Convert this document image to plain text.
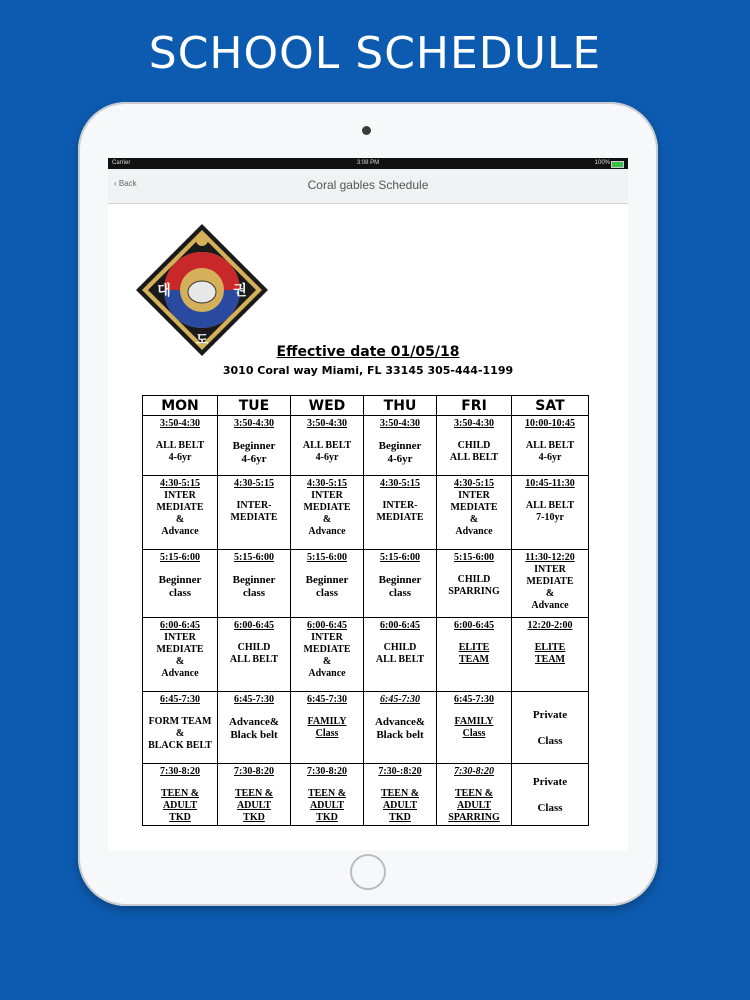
SCHOOL SCHEDULE
Carrier	3:08 PM	100%
‹ Back	Coral gables Schedule
대	권
도
Effective date 01/05/18
3010 Coral way Miami, FL 33145 305-444-1199
MON	TUE	WED	THU	FRI	SAT

3:50-4:30
ALL BELT
4-6yr	3:50-4:30
Beginner
4-6yr	3:50-4:30
ALL BELT
4-6yr	3:50-4:30
Beginner
4-6yr	3:50-4:30
CHILD
ALL BELT	10:00-10:45
ALL BELT
4-6yr

4:30-5:15
INTER
MEDIATE
&
Advance	4:30-5:15
INTER-
MEDIATE	4:30-5:15
INTER
MEDIATE
&
Advance	4:30-5:15
INTER-
MEDIATE	4:30-5:15
INTER
MEDIATE
&
Advance	10:45-11:30
ALL BELT
7-10yr

5:15-6:00
Beginner
class	5:15-6:00
Beginner
class	5:15-6:00
Beginner
class	5:15-6:00
Beginner
class	5:15-6:00
CHILD
SPARRING	11:30-12:20
INTER
MEDIATE
&
Advance

6:00-6:45
INTER
MEDIATE
&
Advance	6:00-6:45
CHILD
ALL BELT	6:00-6:45
INTER
MEDIATE
&
Advance	6:00-6:45
CHILD
ALL BELT	6:00-6:45
ELITE
TEAM	12:20-2:00
ELITE
TEAM

6:45-7:30
FORM TEAM
&
BLACK BELT	6:45-7:30
Advance&
Black belt	6:45-7:30
FAMILY
Class	6:45-7:30
Advance&
Black belt	6:45-7:30
FAMILY
Class	Private

Class

7:30-8:20
TEEN &
ADULT
TKD	7:30-8:20
TEEN &
ADULT
TKD	7:30-8:20
TEEN &
ADULT
TKD	7:30-:8:20
TEEN &
ADULT
TKD	7:30-8:20
TEEN &
ADULT
SPARRING	Private

Class
